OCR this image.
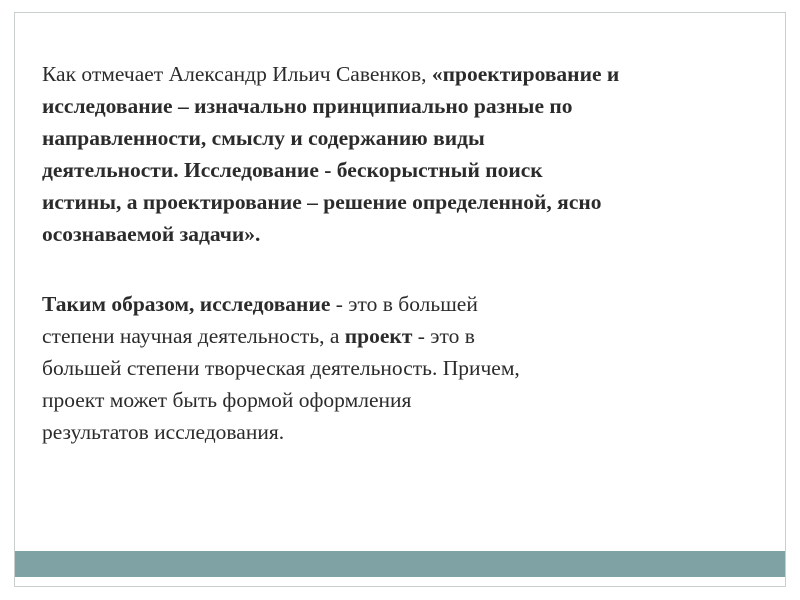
Как отмечает Александр Ильич Савенков, «проектирование и
исследование – изначально принципиально разные по
направленности, смыслу и содержанию виды
деятельности. Исследование - бескорыстный поиск
истины, а проектирование – решение определенной, ясно
осознаваемой задачи».
Таким образом, исследование - это в большей
степени научная деятельность, а проект - это в
большей степени творческая деятельность. Причем,
проект может быть формой оформления
результатов исследования.
